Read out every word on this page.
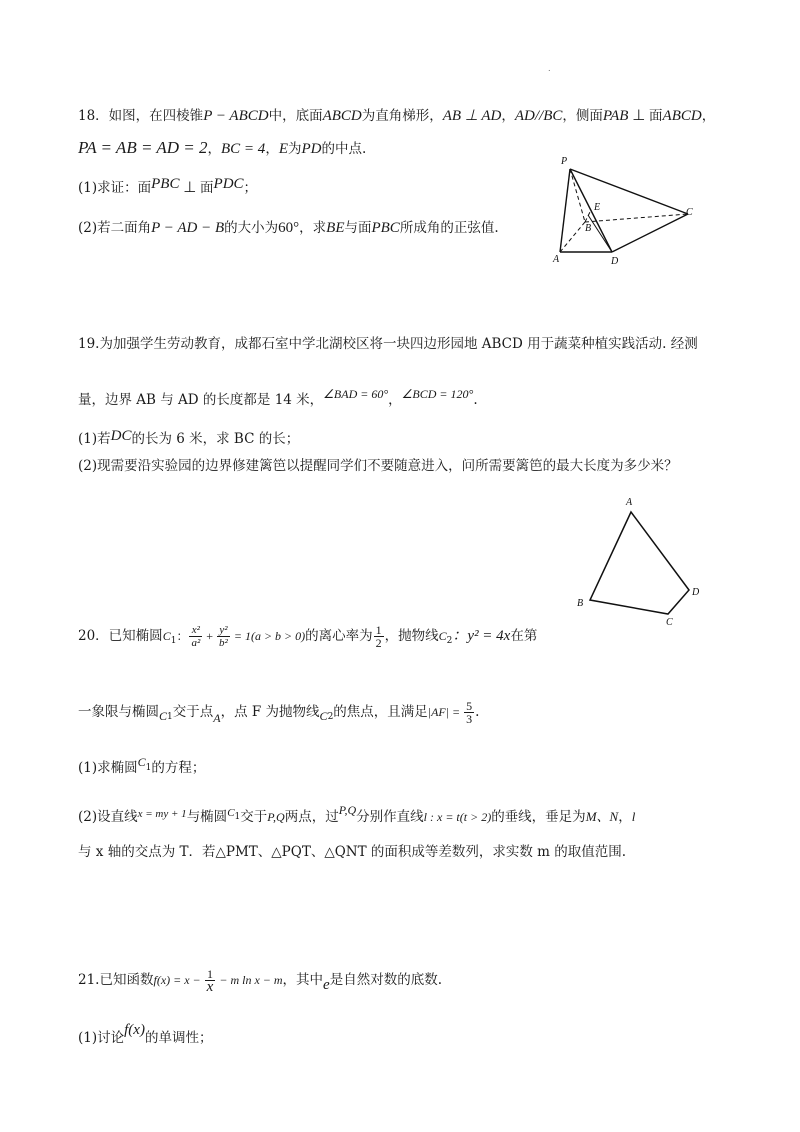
.
18．如图，在四棱锥P − ABCD中，底面ABCD为直角梯形，AB ⊥ AD，AD//BC，侧面PAB ⊥ 面ABCD，
PA = AB = AD = 2，BC = 4，E为PD的中点.
(1)求证：面PBC ⊥ 面PDC；
(2)若二面角P − AD − B的大小为60°，求BE与面PBC所成角的正弦值.
P
E
B
C
A	D
19.为加强学生劳动教育，成都石室中学北湖校区将一块四边形园地 ABCD 用于蔬菜种植实践活动. 经测
量，边界 AB 与 AD 的长度都是 14 米，∠BAD = 60°，∠BCD = 120°.
(1)若DC的长为 6 米，求 BC 的长；
(2)现需要沿实验园的边界修建篱笆以提醒同学们不要随意进入，问所需要篱笆的最大长度为多少米？
A
B
C
D
20．已知椭圆$C_1$： $\frac{\text{x²}}{\text{a²}} + \frac{\text{y²}}{\text{b²}} = 1(a > b > 0)$的离心率为 $\frac{1}{2}$ ，抛物线$C_2$：y² = 4x在第
一象限与椭圆$C_1$交于点A，点 F 为抛物线$C_2$的焦点，且满足$|AF| = \frac{5}{3}$ .
(1)求椭圆$C^1$的方程；
(2)设直线$^{x = my + 1}$与椭圆$^{C1}$交于P,Q两点，过P,Q分别作直线l : x = t(t > 2)的垂线，垂足为M、N，l
与 x 轴的交点为 T．若△PMT、△PQT、△QNT 的面积成等差数列，求实数 m 的取值范围.
21.已知函数$f(x) = x - \frac{1}{x} - m$ ln x − m，其中e是自然对数的底数.
(1)讨论f(x)的单调性；
